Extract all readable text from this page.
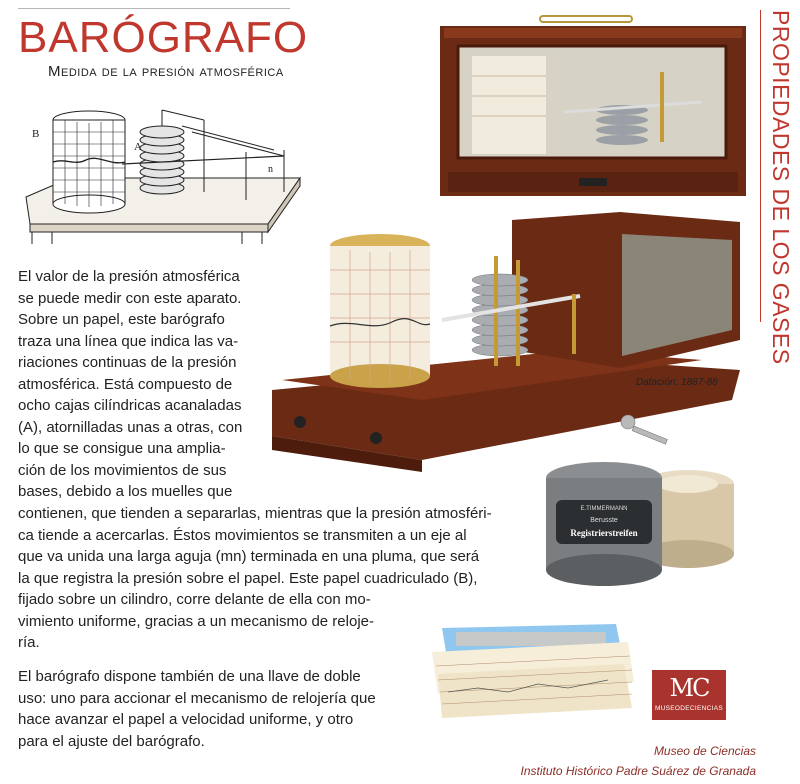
BARÓGRAFO
Medida de la presión atmosférica	PROPIEDADES DE LOS GASES
B
A
n
Datación: 1887-88
E.TIMMERMANN
Berusste
Registrierstreifen
MC
MUSEODECIENCIAS
El valor de la presión atmosférica
se puede medir con este aparato.
Sobre un papel, este barógrafo
traza una línea que indica las va-
riaciones continuas de la presión
atmosférica. Está compuesto de
ocho cajas cilíndricas acanaladas
(A), atornilladas unas a otras, con
lo que se consigue una amplia-
ción de los movimientos de sus
bases, debido a los muelles que
contienen, que tienden a separarlas, mientras que la presión atmosféri-
ca tiende a acercarlas. Éstos movimientos se transmiten a un eje al
que va unida una larga aguja (mn) terminada en una pluma, que será
la que registra la presión sobre el papel. Este papel cuadriculado (B),
fijado sobre un cilindro, corre delante de ella con mo-
vimiento uniforme, gracias a un mecanismo de reloje-
ría.
El barógrafo dispone también de una llave de doble
uso: uno para accionar el mecanismo de relojería que
hace avanzar el papel a velocidad uniforme, y otro
para el ajuste del barógrafo.
Museo de Ciencias
Instituto Histórico Padre Suárez de Granada
